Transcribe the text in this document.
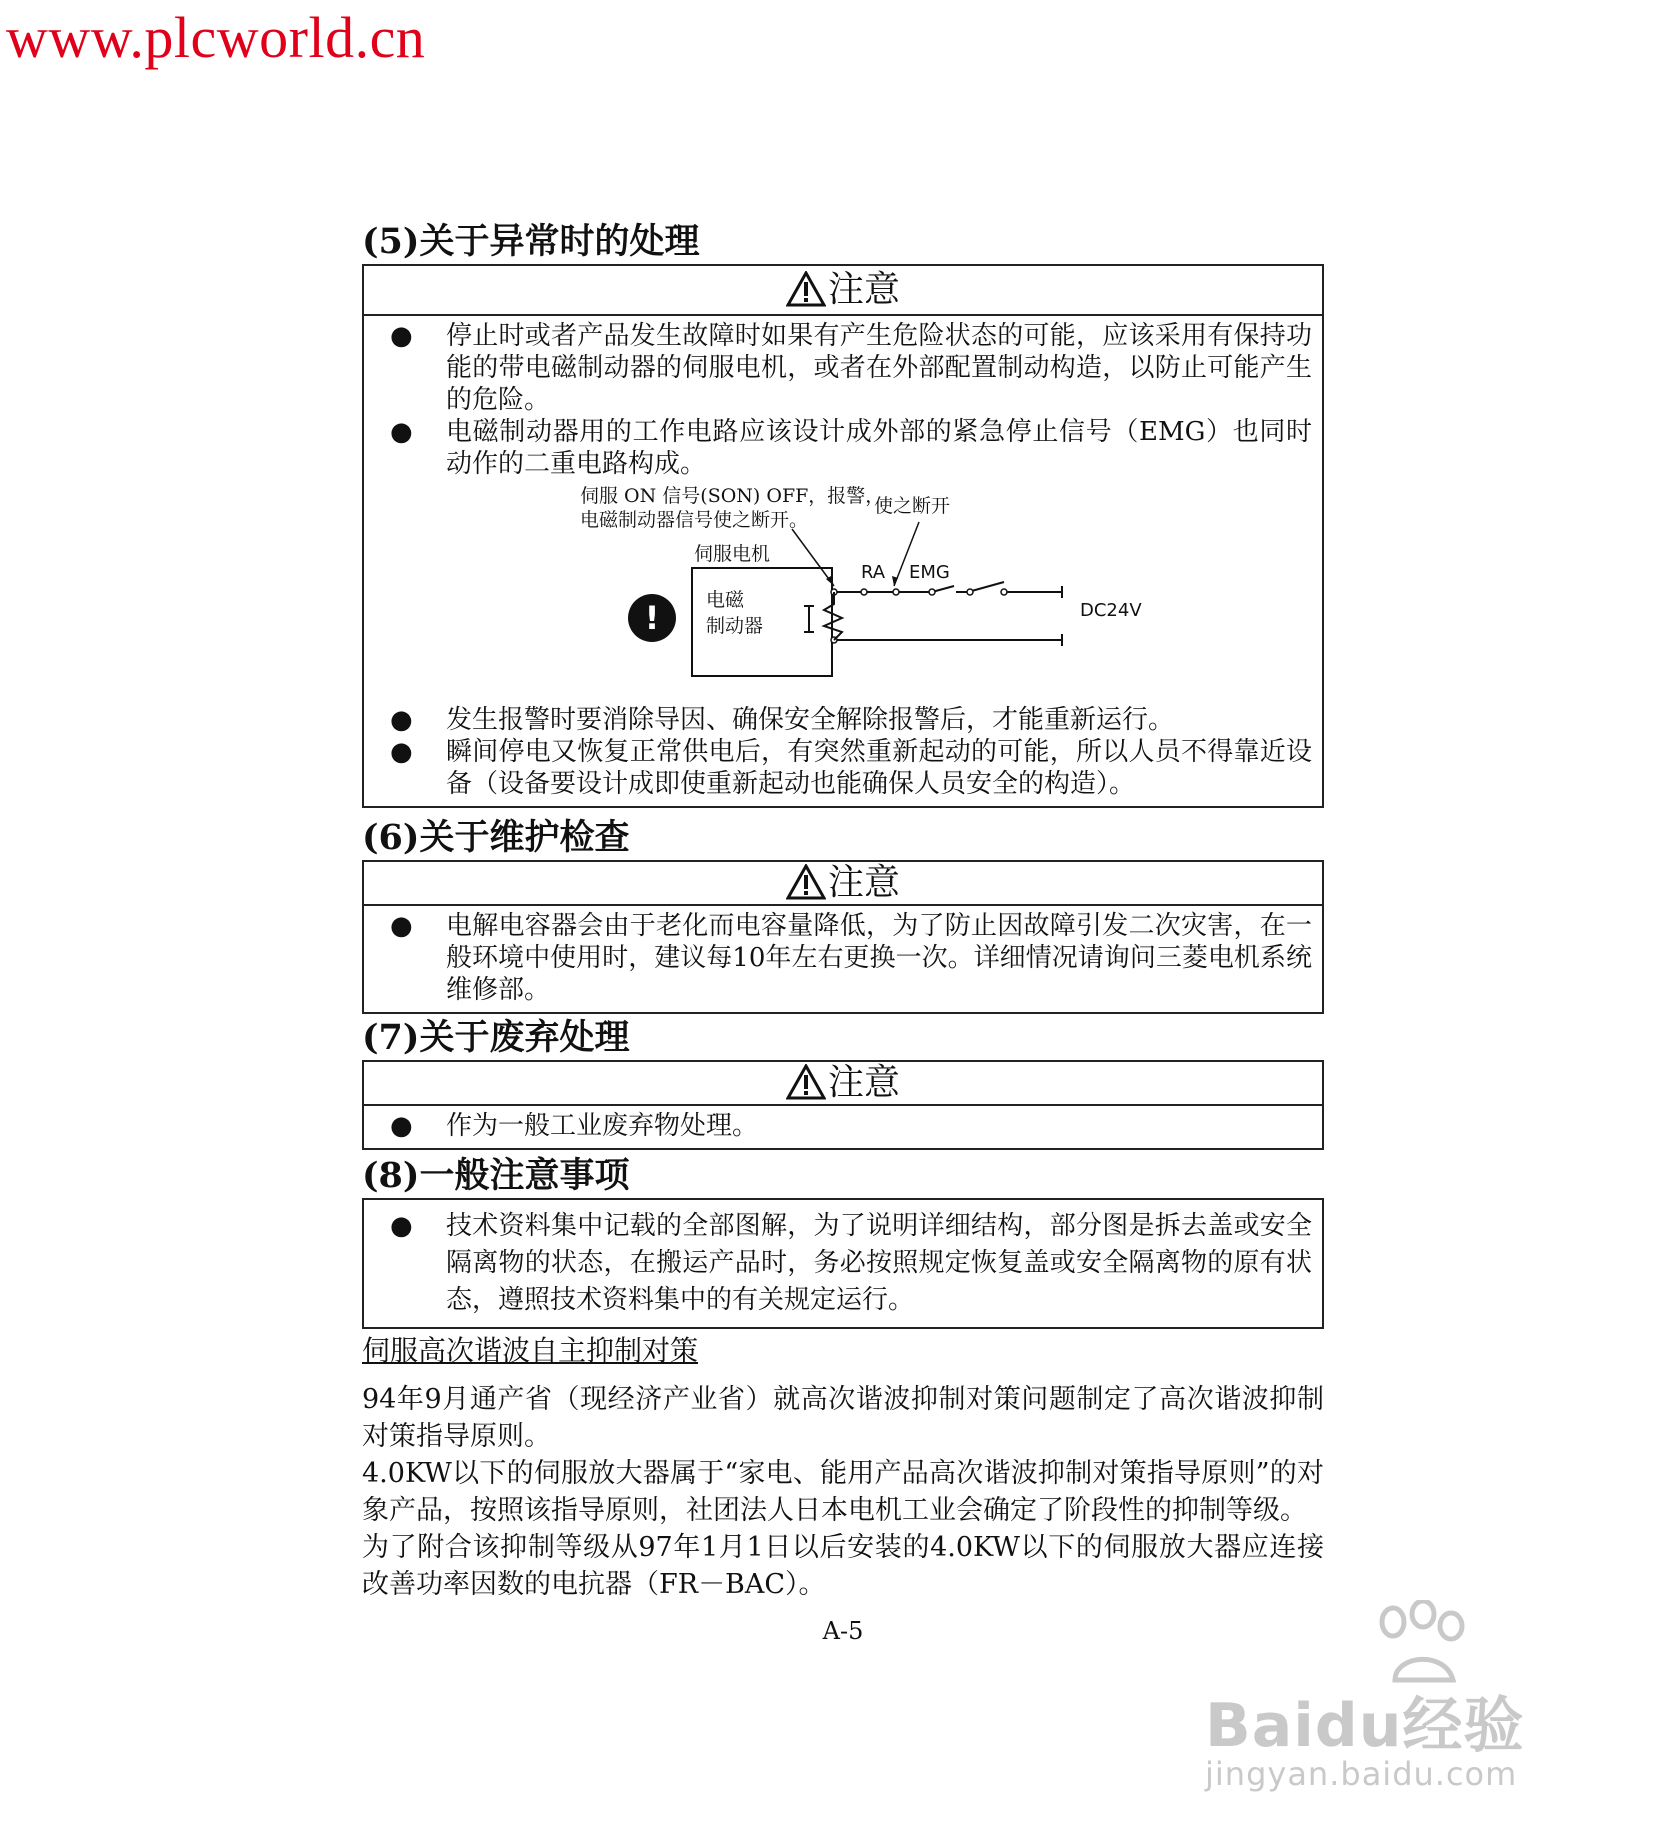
www.plcworld.cn
(5)关于异常时的处理
注意
●	停止时或者产品发生故障时如果有产生危险状态的可能，应该采用有保持功能的带电磁制动器的伺服电机，或者在外部配置制动构造，以防止可能产生的危险。
●	电磁制动器用的工作电路应该设计成外部的紧急停止信号（EMG）也同时动作的二重电路构成。
伺服 ON 信号(SON) OFF，报警，
电磁制动器信号使之断开。
使之断开
伺服电机
电磁
制动器
RA EMG
DC24V
!
●	发生报警时要消除导因、确保安全解除报警后，才能重新运行。
●	瞬间停电又恢复正常供电后，有突然重新起动的可能，所以人员不得靠近设备（设备要设计成即使重新起动也能确保人员安全的构造）。
(6)关于维护检查
注意
●	电解电容器会由于老化而电容量降低，为了防止因故障引发二次灾害，在一般环境中使用时，建议每10年左右更换一次。详细情况请询问三菱电机系统维修部。
(7)关于废弃处理
注意
●	作为一般工业废弃物处理。
(8)一般注意事项
●	技术资料集中记载的全部图解，为了说明详细结构，部分图是拆去盖或安全隔离物的状态，在搬运产品时，务必按照规定恢复盖或安全隔离物的原有状态，遵照技术资料集中的有关规定运行。
伺服高次谐波自主抑制对策
94年9月通产省（现经济产业省）就高次谐波抑制对策问题制定了高次谐波抑制对策指导原则。
4.0KW以下的伺服放大器属于“家电、能用产品高次谐波抑制对策指导原则”的对象产品，按照该指导原则，社团法人日本电机工业会确定了阶段性的抑制等级。
为了附合该抑制等级从97年1月1日以后安装的4.0KW以下的伺服放大器应连接改善功率因数的电抗器（FR－BAC）。
A-5
Baidu经验
jingyan.baidu.com
